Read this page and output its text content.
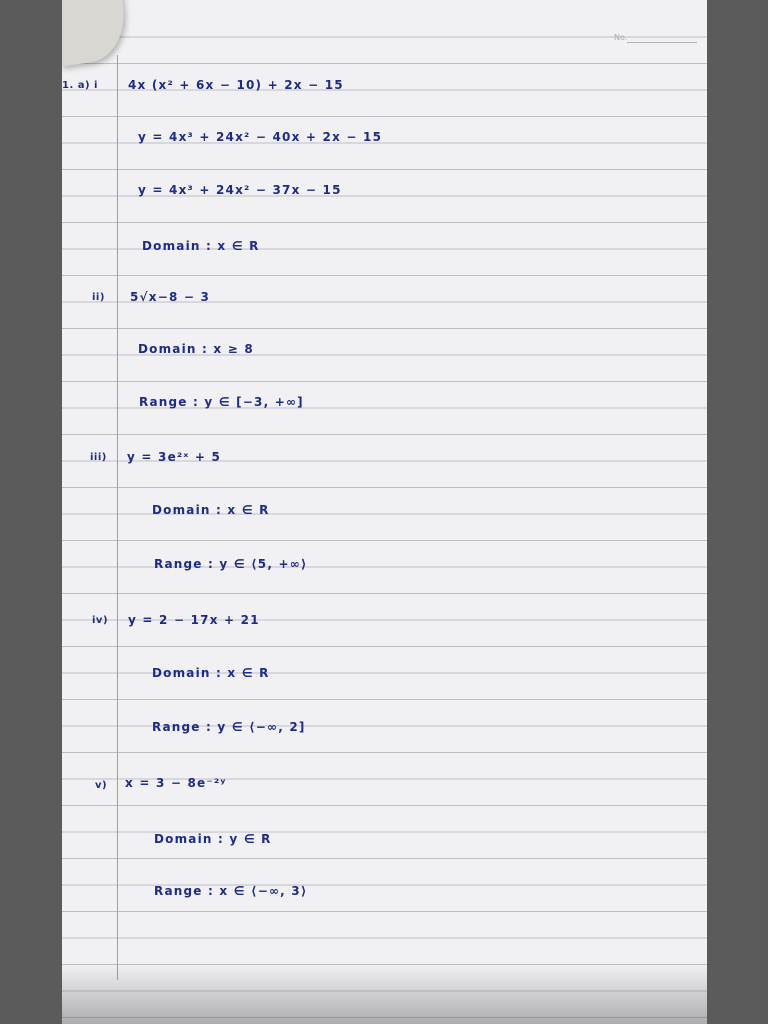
No.
1. a) i	4x (x² + 6x − 10) + 2x − 15
y = 4x³ + 24x² − 40x + 2x − 15
y = 4x³ + 24x² − 37x − 15
Domain : x ∈ R
ii) 5√x−8 − 3
Domain : x ≥ 8
Range : y ∈ [−3, +∞]
iii) y = 3e²ˣ + 5
Domain : x ∈ R
Range : y ∈ ⟨5, +∞⟩
iv) y = 2 − 17x + 21
Domain : x ∈ R
Range : y ∈ ⟨−∞, 2]
v) x = 3 − 8e⁻²ʸ
Domain : y ∈ R
Range : x ∈ ⟨−∞, 3⟩
